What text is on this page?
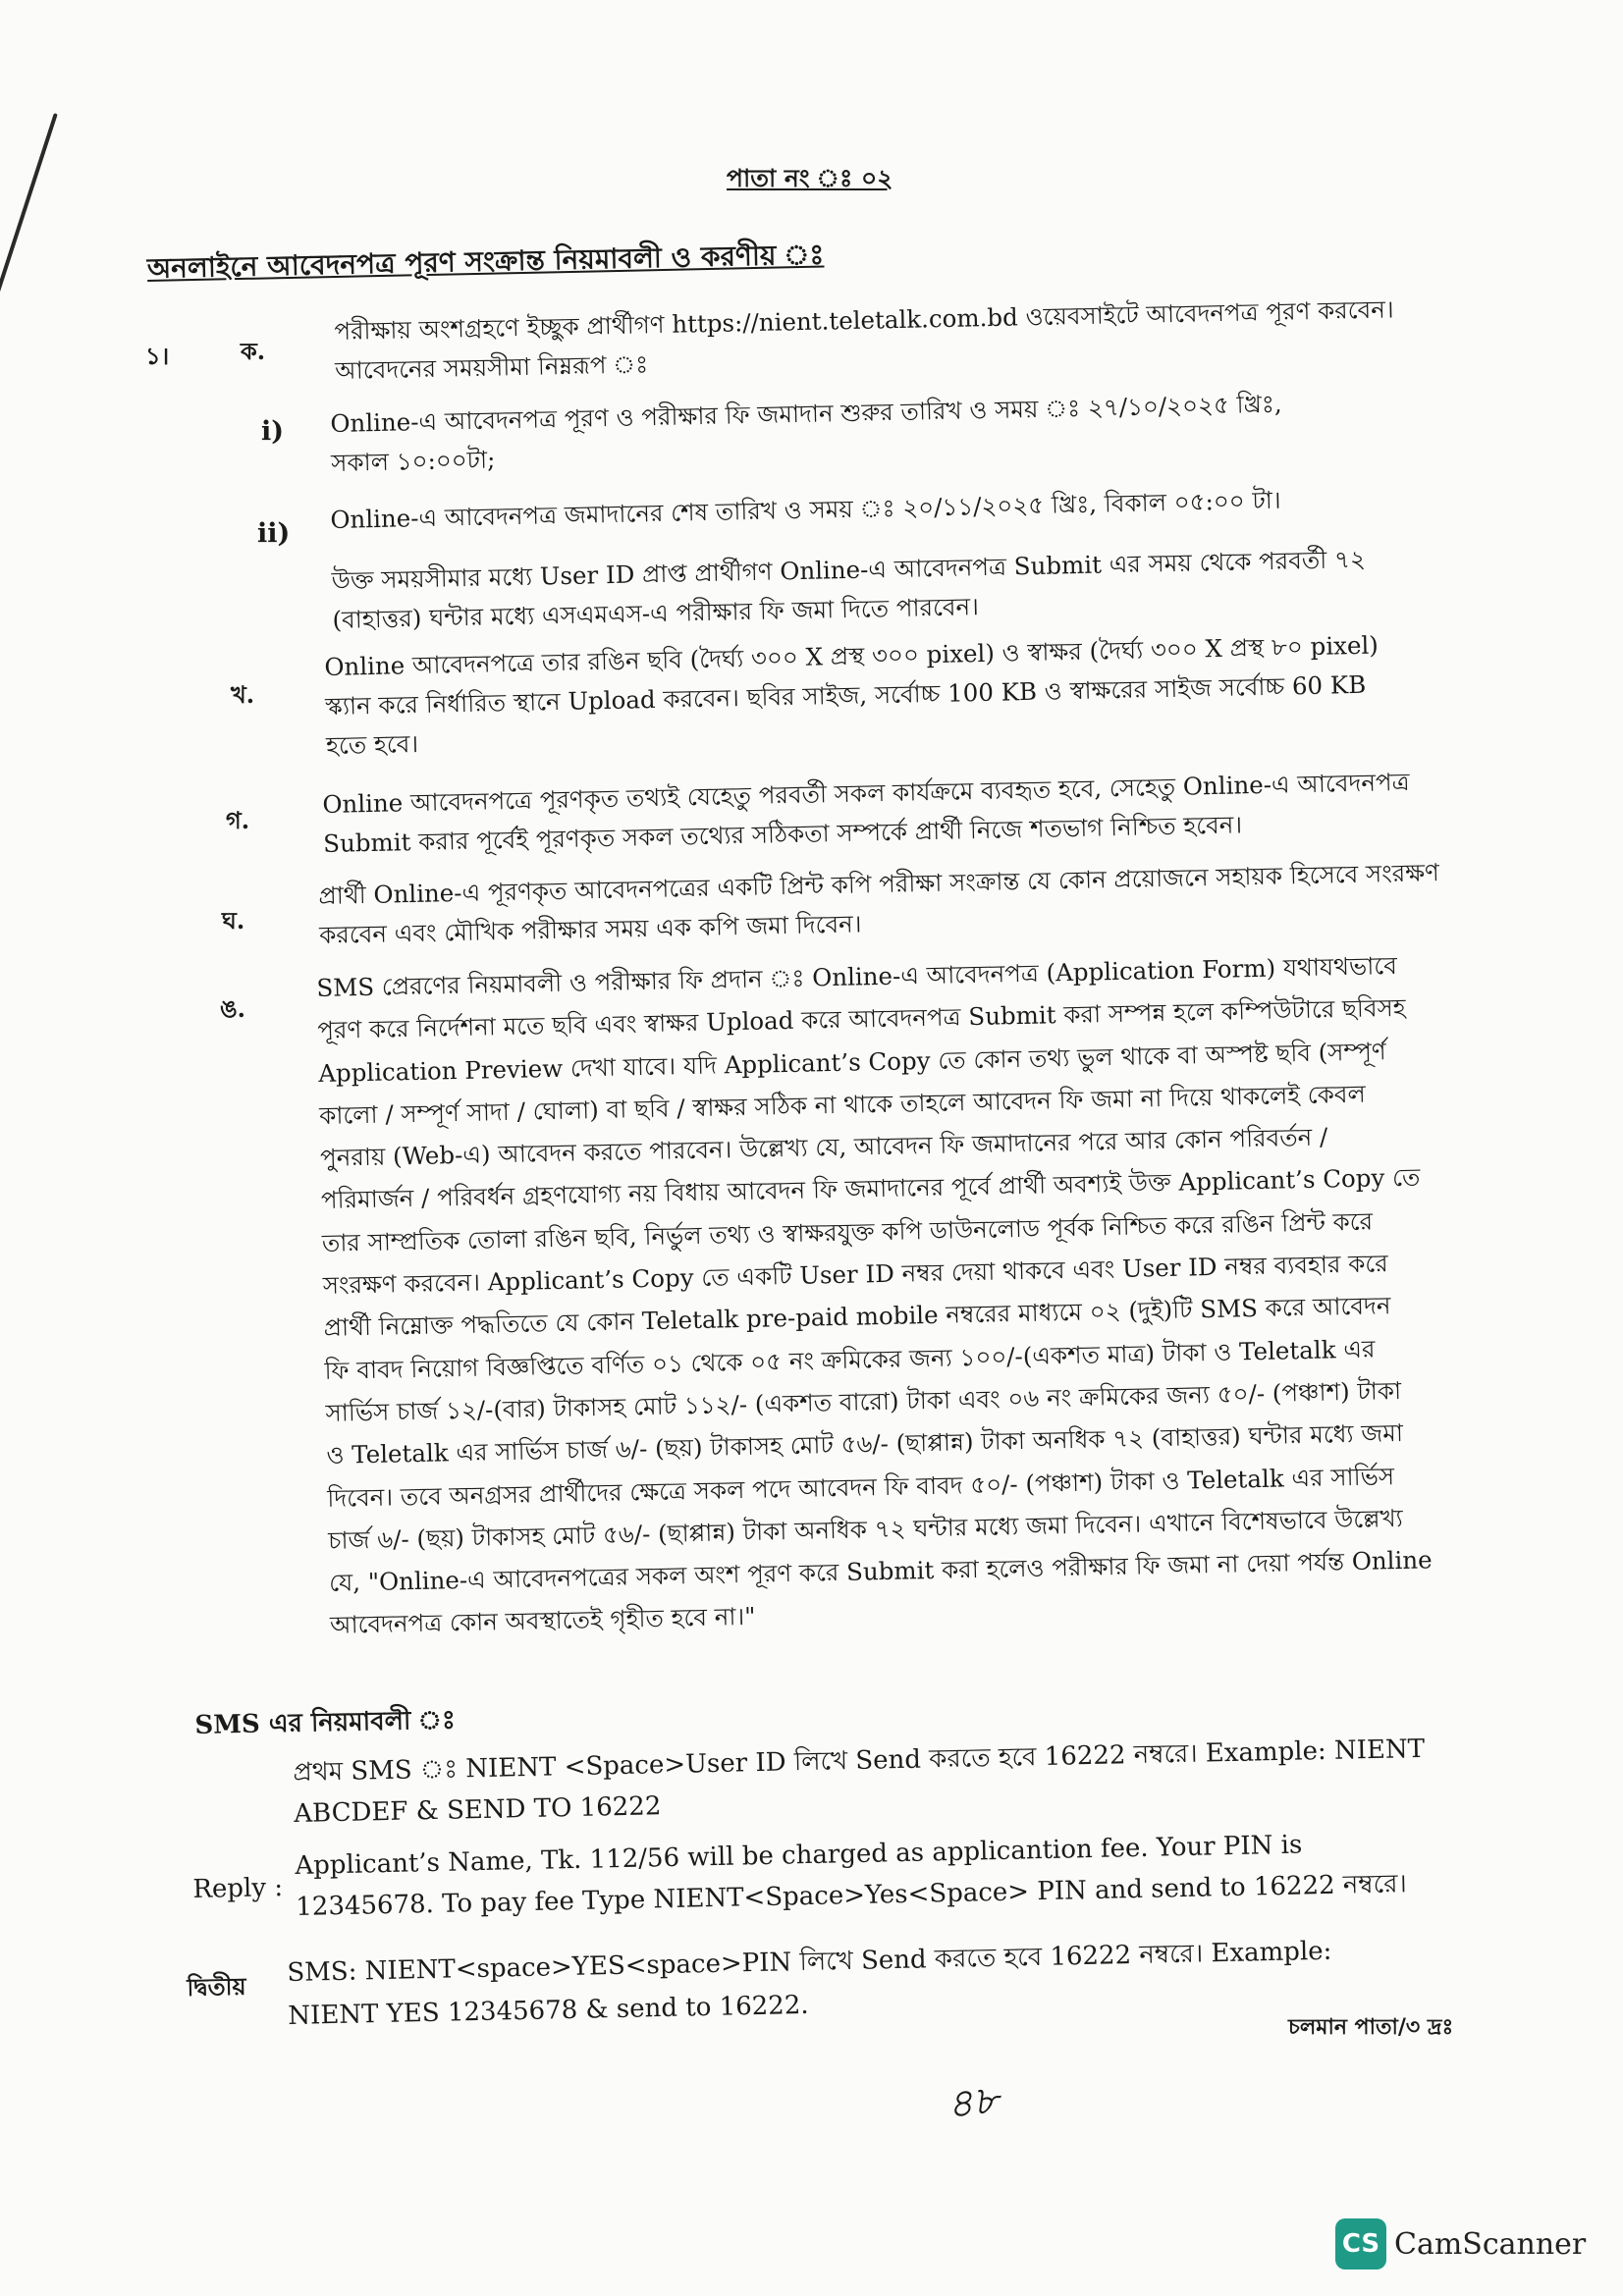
পাতা নং ঃ ০২
অনলাইনে আবেদনপত্র পূরণ সংক্রান্ত নিয়মাবলী ও করণীয় ঃ
১।	ক.
পরীক্ষায় অংশগ্রহণে ইচ্ছুক প্রার্থীগণ https://nient.teletalk.com.bd ওয়েবসাইটে আবেদনপত্র পূরণ করবেন।
আবেদনের সময়সীমা নিম্নরূপ ঃ
i) Online-এ আবেদনপত্র পূরণ ও পরীক্ষার ফি জমাদান শুরুর তারিখ ও সময় ঃ ২৭/১০/২০২৫ খ্রিঃ,
সকাল ১০:০০টা;
ii) Online-এ আবেদনপত্র জমাদানের শেষ তারিখ ও সময় ঃ ২০/১১/২০২৫ খ্রিঃ, বিকাল ০৫:০০ টা।
উক্ত সময়সীমার মধ্যে User ID প্রাপ্ত প্রার্থীগণ Online-এ আবেদনপত্র Submit এর সময় থেকে পরবর্তী ৭২
(বাহাত্তর) ঘন্টার মধ্যে এসএমএস-এ পরীক্ষার ফি জমা দিতে পারবেন।
খ.
Online আবেদনপত্রে তার রঙিন ছবি (দৈর্ঘ্য ৩০০ X প্রস্থ ৩০০ pixel) ও স্বাক্ষর (দৈর্ঘ্য ৩০০ X প্রস্থ ৮০ pixel)
স্ক্যান করে নির্ধারিত স্থানে Upload করবেন। ছবির সাইজ, সর্বোচ্চ 100 KB ও স্বাক্ষরের সাইজ সর্বোচ্চ 60 KB
হতে হবে।
গ.
Online আবেদনপত্রে পূরণকৃত তথ্যই যেহেতু পরবর্তী সকল কার্যক্রমে ব্যবহৃত হবে, সেহেতু Online-এ আবেদনপত্র
Submit করার পূর্বেই পূরণকৃত সকল তথ্যের সঠিকতা সম্পর্কে প্রার্থী নিজে শতভাগ নিশ্চিত হবেন।
ঘ.
প্রার্থী Online-এ পূরণকৃত আবেদনপত্রের একটি প্রিন্ট কপি পরীক্ষা সংক্রান্ত যে কোন প্রয়োজনে সহায়ক হিসেবে সংরক্ষণ
করবেন এবং মৌখিক পরীক্ষার সময় এক কপি জমা দিবেন।
ঙ.
SMS প্রেরণের নিয়মাবলী ও পরীক্ষার ফি প্রদান ঃ Online-এ আবেদনপত্র (Application Form) যথাযথভাবে
পূরণ করে নির্দেশনা মতে ছবি এবং স্বাক্ষর Upload করে আবেদনপত্র Submit করা সম্পন্ন হলে কম্পিউটারে ছবিসহ
Application Preview দেখা যাবে। যদি Applicant’s Copy তে কোন তথ্য ভুল থাকে বা অস্পষ্ট ছবি (সম্পূর্ণ
কালো / সম্পূর্ণ সাদা / ঘোলা) বা ছবি / স্বাক্ষর সঠিক না থাকে তাহলে আবেদন ফি জমা না দিয়ে থাকলেই কেবল
পুনরায় (Web-এ) আবেদন করতে পারবেন। উল্লেখ্য যে, আবেদন ফি জমাদানের পরে আর কোন পরিবর্তন /
পরিমার্জন / পরিবর্ধন গ্রহণযোগ্য নয় বিধায় আবেদন ফি জমাদানের পূর্বে প্রার্থী অবশ্যই উক্ত Applicant’s Copy তে
তার সাম্প্রতিক তোলা রঙিন ছবি, নির্ভুল তথ্য ও স্বাক্ষরযুক্ত কপি ডাউনলোড পূর্বক নিশ্চিত করে রঙিন প্রিন্ট করে
সংরক্ষণ করবেন। Applicant’s Copy তে একটি User ID নম্বর দেয়া থাকবে এবং User ID নম্বর ব্যবহার করে
প্রার্থী নিম্নোক্ত পদ্ধতিতে যে কোন Teletalk pre-paid mobile নম্বরের মাধ্যমে ০২ (দুই)টি SMS করে আবেদন
ফি বাবদ নিয়োগ বিজ্ঞপ্তিতে বর্ণিত ০১ থেকে ০৫ নং ক্রমিকের জন্য ১০০/-(একশত মাত্র) টাকা ও Teletalk এর
সার্ভিস চার্জ ১২/-(বার) টাকাসহ মোট ১১২/- (একশত বারো) টাকা এবং ০৬ নং ক্রমিকের জন্য ৫০/- (পঞ্চাশ) টাকা
ও Teletalk এর সার্ভিস চার্জ ৬/- (ছয়) টাকাসহ মোট ৫৬/- (ছাপ্পান্ন) টাকা অনধিক ৭২ (বাহাত্তর) ঘন্টার মধ্যে জমা
দিবেন। তবে অনগ্রসর প্রার্থীদের ক্ষেত্রে সকল পদে আবেদন ফি বাবদ ৫০/- (পঞ্চাশ) টাকা ও Teletalk এর সার্ভিস
চার্জ ৬/- (ছয়) টাকাসহ মোট ৫৬/- (ছাপ্পান্ন) টাকা অনধিক ৭২ ঘন্টার মধ্যে জমা দিবেন। এখানে বিশেষভাবে উল্লেখ্য
যে, "Online-এ আবেদনপত্রের সকল অংশ পূরণ করে Submit করা হলেও পরীক্ষার ফি জমা না দেয়া পর্যন্ত Online
আবেদনপত্র কোন অবস্থাতেই গৃহীত হবে না।"
SMS এর নিয়মাবলী ঃ
প্রথম SMS ঃ NIENT <Space>User ID লিখে Send করতে হবে 16222 নম্বরে। Example: NIENT
ABCDEF & SEND TO 16222
Reply :
Applicant’s Name, Tk. 112/56 will be charged as applicantion fee. Your PIN is
12345678. To pay fee Type NIENT<Space>Yes<Space> PIN and send to 16222 নম্বরে।
দ্বিতীয় SMS: NIENT<space>YES<space>PIN লিখে Send করতে হবে 16222 নম্বরে। Example:
NIENT YES 12345678 & send to 16222.	চলমান পাতা/৩ দ্রঃ
৪৮
CS CamScanner
